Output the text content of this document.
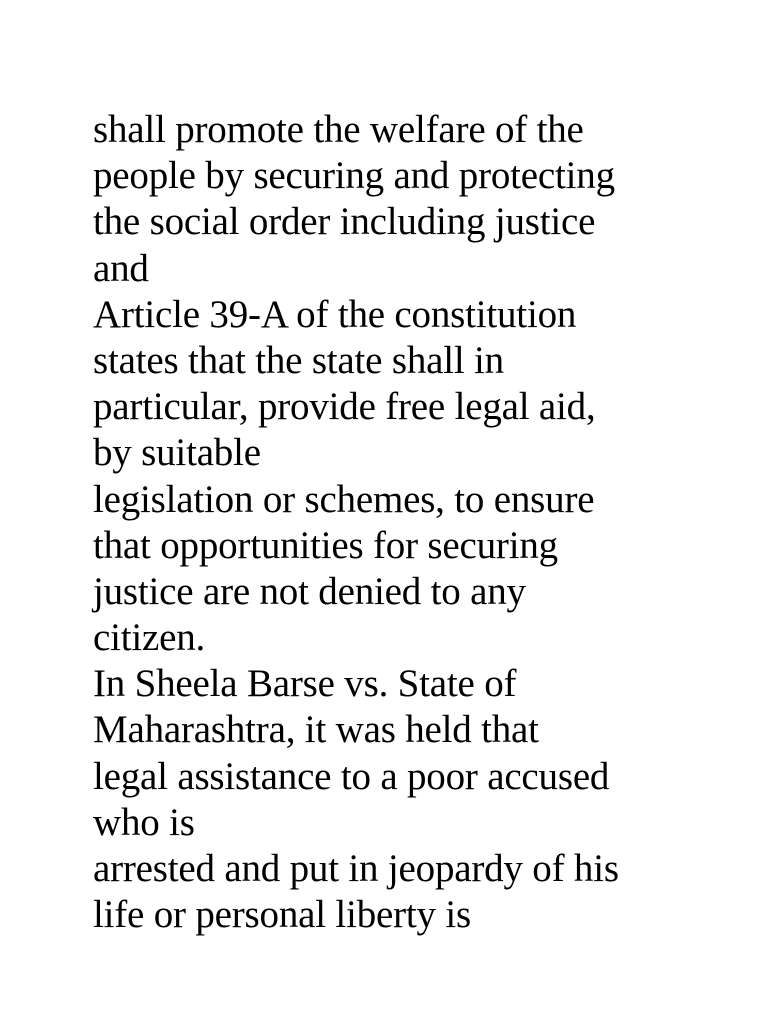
shall promote the welfare of the
people by securing and protecting
the social order including justice
and
Article 39-A of the constitution
states that the state shall in
particular, provide free legal aid,
by suitable
legislation or schemes, to ensure
that opportunities for securing
justice are not denied to any
citizen.
In Sheela Barse vs. State of
Maharashtra, it was held that
legal assistance to a poor accused
who is
arrested and put in jeopardy of his
life or personal liberty is
